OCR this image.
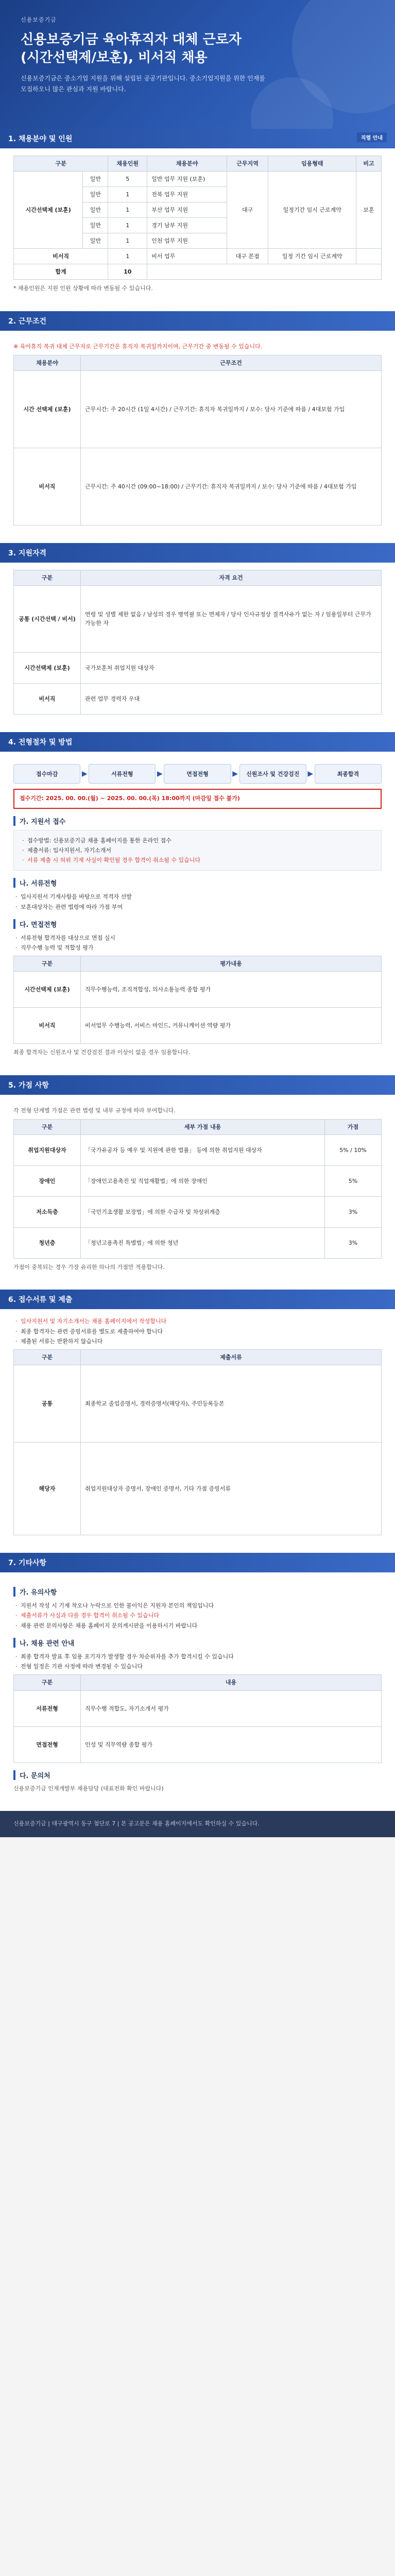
신용보증기금
신용보증기금 육아휴직자 대체 근로자
(시간선택제/보훈), 비서직 채용

신용보증기금은 중소기업 지원을 위해 설립된 공공기관입니다. 중소기업지원을 위한 인재를 모집하오니 많은 관심과 지원 바랍니다.

1. 채용분야 및 인원	직렬 안내
구분		채용인원	채용분야	근무지역	임용형태	비고
시간선택제 (보훈)	일반	5	일반 업무 지원 (보훈)	대구	일정기간 임시 근로계약	보훈
	일반	1	전북 업무 지원			
	일반	1	부산 업무 지원			
	일반	1	경기 남부 지원			
	일반	1	인천 업무 지원			
비서직		1	비서 업무	대구 본점	일정 기간 임시 근로계약	
합계		10				

* 채용인원은 지원 인원 상황에 따라 변동될 수 있습니다.

2. 근무조건

※ 육아휴직 복귀 대체 근무자로 근무기간은 휴직자 복귀일까지이며, 근무기간 중 변동될 수 있습니다.

채용분야	근무조건
시간 선택제 (보훈)	근무시간: 주 20시간 (1일 4시간) / 근무기간: 휴직자 복귀일까지 / 보수: 당사 기준에 따름 / 4대보험 가입
비서직	근무시간: 주 40시간 (09:00~18:00) / 근무기간: 휴직자 복귀일까지 / 보수: 당사 기준에 따름 / 4대보험 가입
3. 지원자격
구분	자격 요건
공통 (시간선택 / 비서)	연령 및 성별 제한 없음 / 남성의 경우 병역필 또는 면제자 / 당사 인사규정상 결격사유가 없는 자 / 임용일부터 근무가 가능한 자
시간선택제 (보훈)	국가보훈처 취업지원 대상자
비서직	관련 업무 경력자 우대
4. 전형절차 및 방법
접수마감	▶	서류전형	▶	면접전형	▶	신원조사 및 건강검진	▶	최종합격
접수기간: 2025. 00. 00.(월) ~ 2025. 00. 00.(목) 18:00까지 (마감일 접수 불가)
가. 지원서 접수
· 접수방법: 신용보증기금 채용 홈페이지를 통한 온라인 접수
· 제출서류: 입사지원서, 자기소개서
· 서류 제출 시 허위 기재 사실이 확인될 경우 합격이 취소될 수 있습니다
나. 서류전형
· 입사지원서 기재사항을 바탕으로 적격자 선발
· 보훈대상자는 관련 법령에 따라 가점 부여
다. 면접전형
· 서류전형 합격자를 대상으로 면접 실시
· 직무수행 능력 및 적합성 평가
구분	평가내용
시간선택제 (보훈)	직무수행능력, 조직적합성, 의사소통능력 종합 평가
비서직	비서업무 수행능력, 서비스 마인드, 커뮤니케이션 역량 평가

최종 합격자는 신원조사 및 건강검진 결과 이상이 없을 경우 임용합니다.

5. 가점 사항

각 전형 단계별 가점은 관련 법령 및 내부 규정에 따라 부여합니다.

구분	세부 가점 내용	가점
취업지원대상자	「국가유공자 등 예우 및 지원에 관한 법률」 등에 의한 취업지원 대상자	5% / 10%
장애인	「장애인고용촉진 및 직업재활법」에 의한 장애인	5%
저소득층	「국민기초생활 보장법」에 의한 수급자 및 차상위계층	3%
청년층	「청년고용촉진 특별법」에 의한 청년	3%

가점이 중복되는 경우 가장 유리한 하나의 가점만 적용합니다.

6. 접수서류 및 제출
· 입사지원서 및 자기소개서는 채용 홈페이지에서 작성합니다
· 최종 합격자는 관련 증빙서류를 별도로 제출하여야 합니다
· 제출된 서류는 반환하지 않습니다
구분	제출서류
공통	최종학교 졸업증명서, 경력증명서(해당자), 주민등록등본
해당자	취업지원대상자 증명서, 장애인 증명서, 기타 가점 증빙서류
7. 기타사항
가. 유의사항
· 지원서 작성 시 기재 착오나 누락으로 인한 불이익은 지원자 본인의 책임입니다
· 제출서류가 사실과 다를 경우 합격이 취소될 수 있습니다
· 채용 관련 문의사항은 채용 홈페이지 문의게시판을 이용하시기 바랍니다
나. 채용 관련 안내
· 최종 합격자 발표 후 임용 포기자가 발생할 경우 차순위자를 추가 합격시킬 수 있습니다
· 전형 일정은 기관 사정에 따라 변경될 수 있습니다
구분	내용
서류전형	직무수행 적합도, 자기소개서 평가
면접전형	인성 및 직무역량 종합 평가
다. 문의처

신용보증기금 인재개발부 채용담당 (대표전화 확인 바랍니다)

신용보증기금 | 대구광역시 동구 첨단로 7 | 본 공고문은 채용 홈페이지에서도 확인하실 수 있습니다.
